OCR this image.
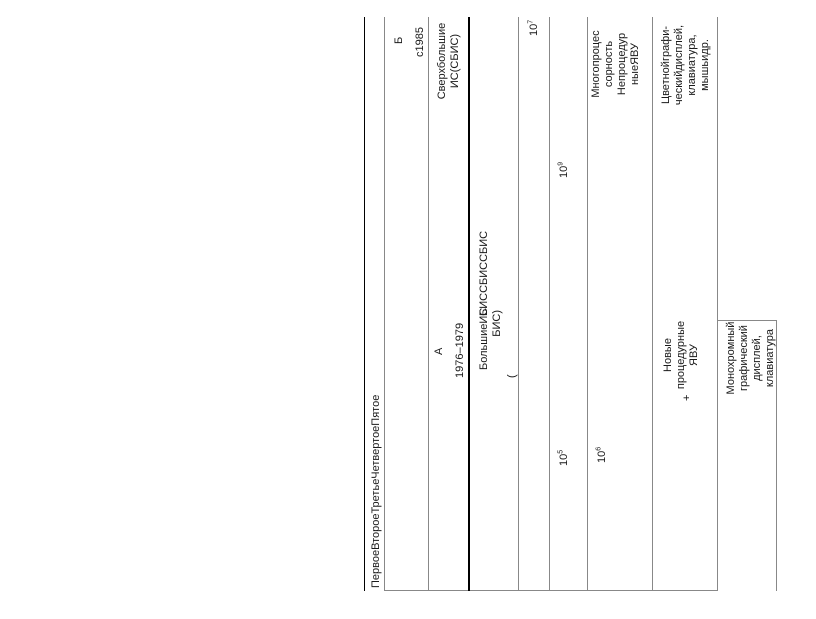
ПервоеВтороеТретьеЧетвертоеПятое
А 1976–1979
Б с1985
БольшиеИС
БИС)
(
БИССБИССБИС
Сверхбольшие
ИС(СБИС)
$10^5$
$10^7$
$10^6$
$10^9$
Новые
процедурные
ЯВУ
+
Многопроцес
сорность
Непроцедур
ныеЯВУ
Монохромный
графический
дисплей,
клавиатура
Цветнойграфи-
ческийдисплей,
клавиатура,
мышьидр.
